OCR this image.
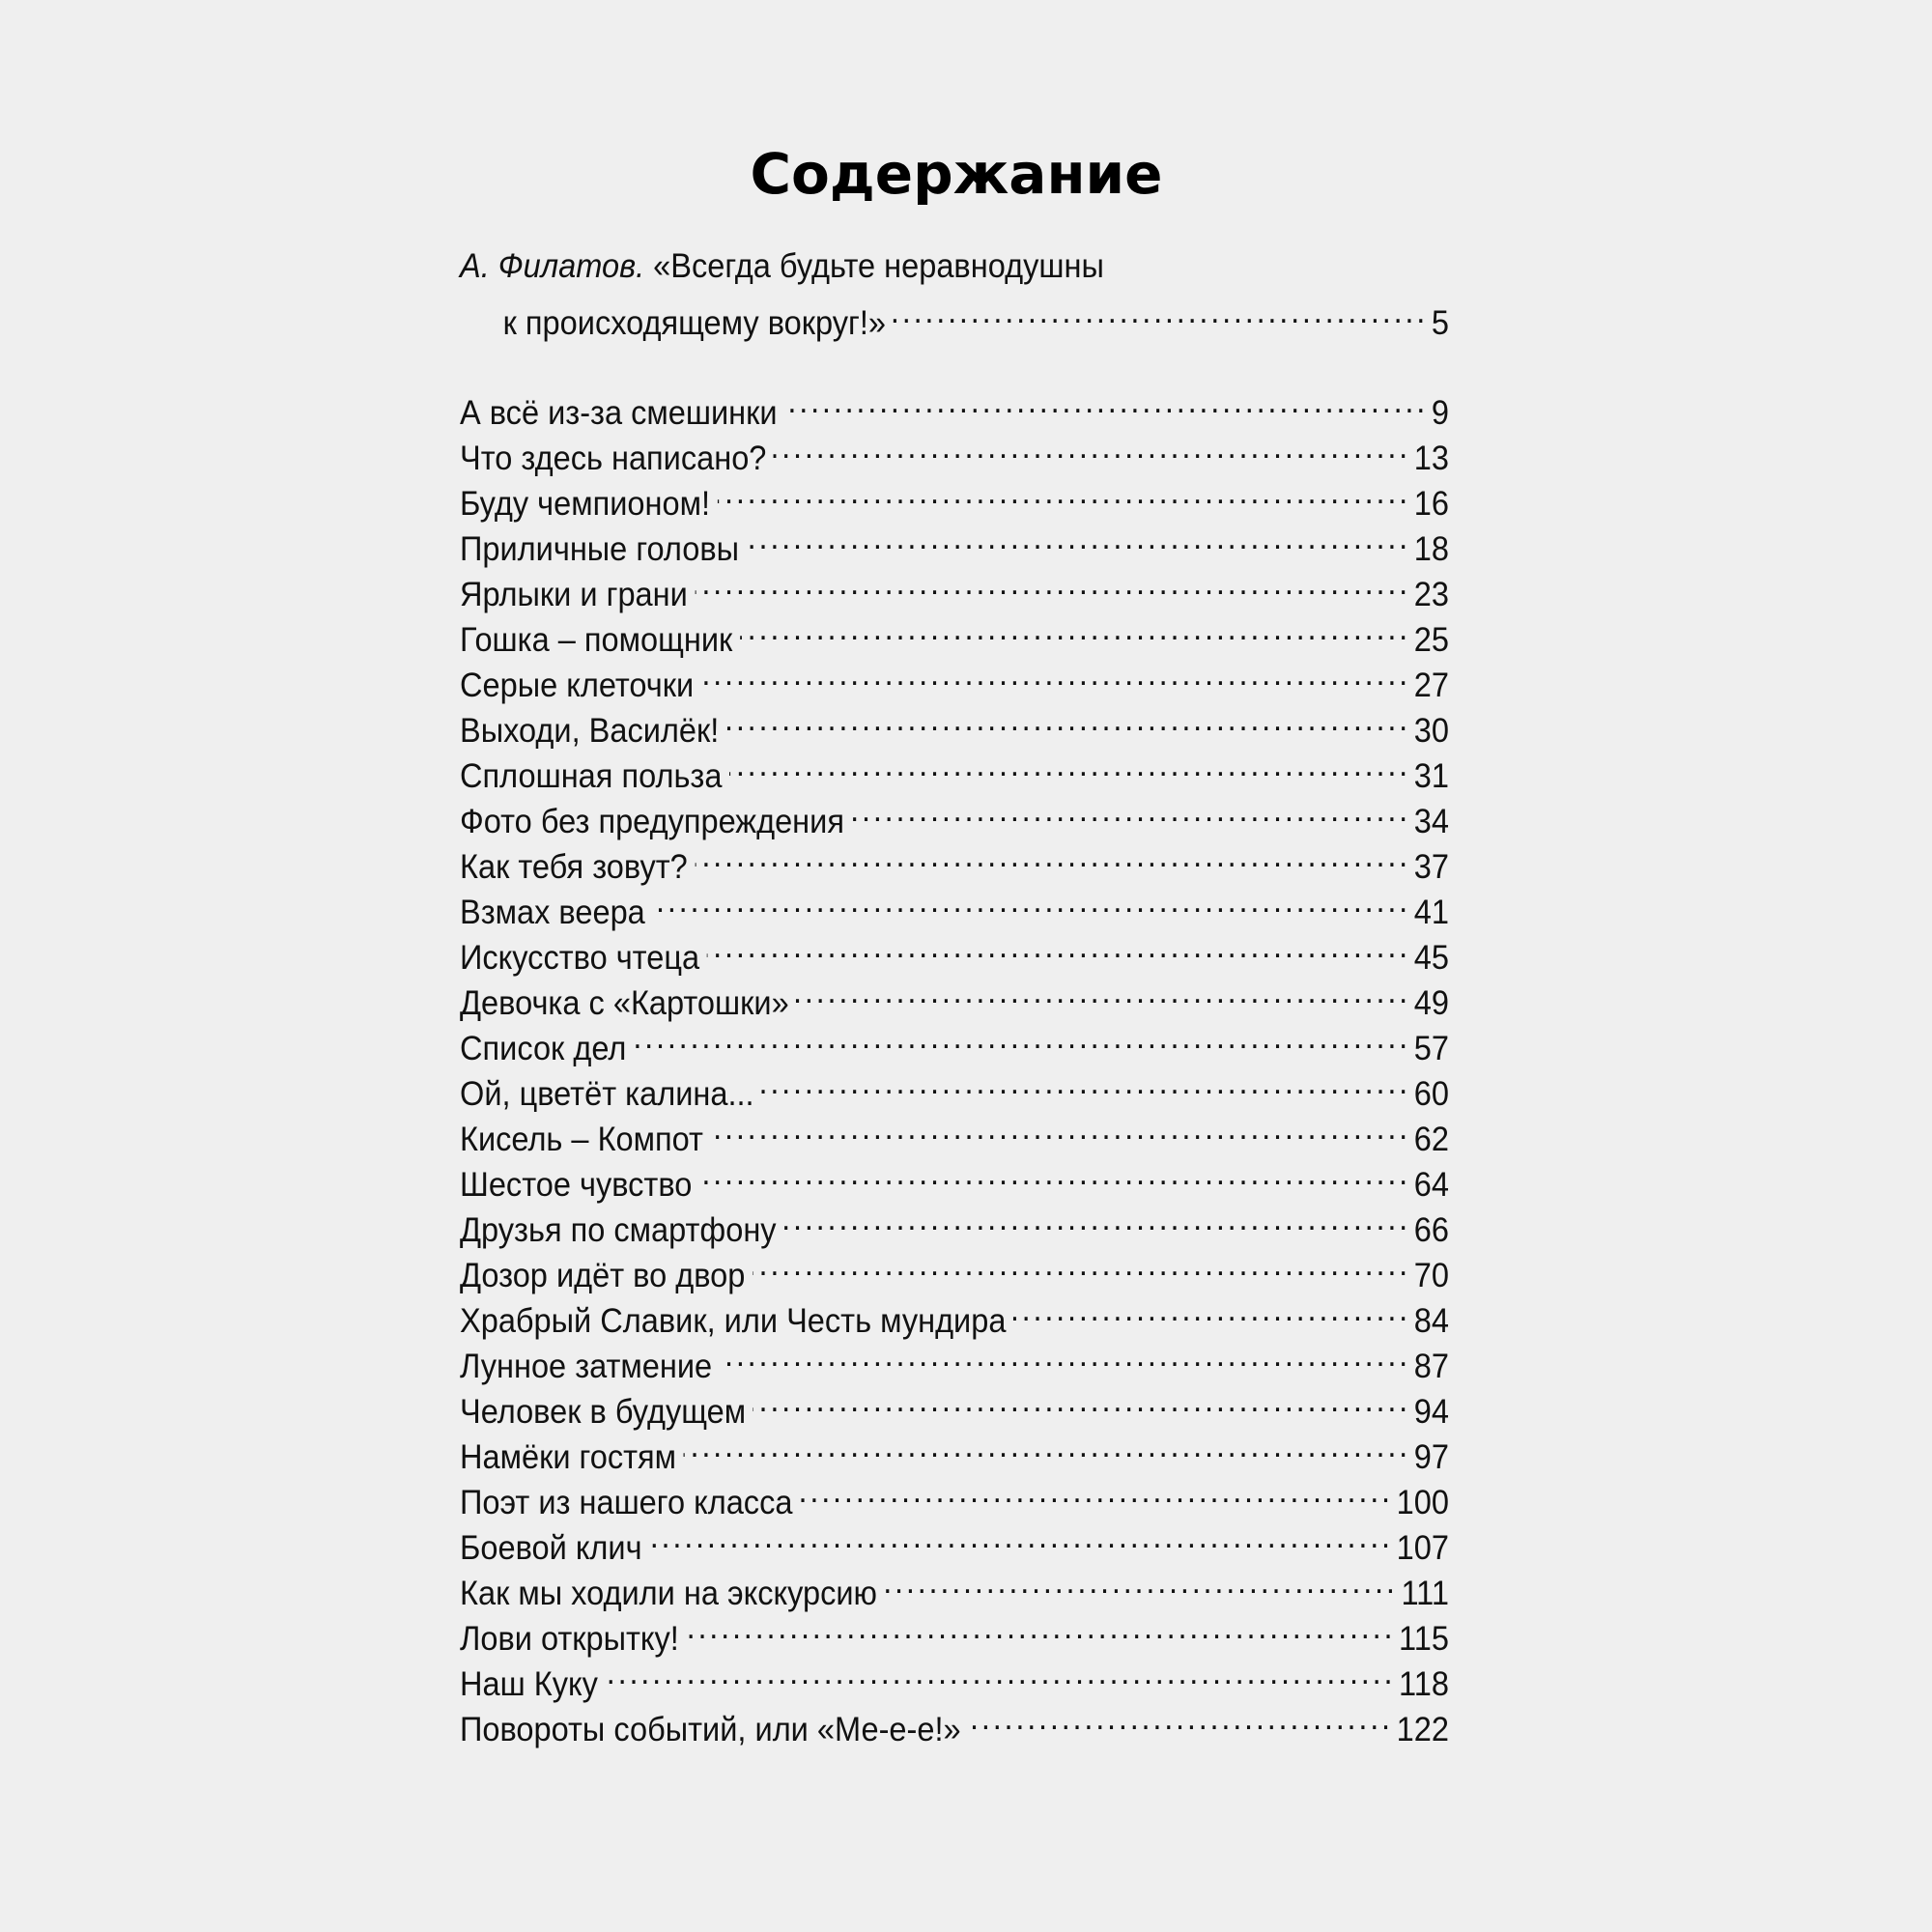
Содержание
А. Филатов. «Всегда будьте неравнодушны
к происходящему вокруг!» .....	5
А всё из-за смешинки .....	9
Что здесь написано? .....	13
Буду чемпионом! .....	16
Приличные головы .....	18
Ярлыки и грани .....	23
Гошка – помощник .....	25
Серые клеточки .....	27
Выходи, Василёк! .....	30
Сплошная польза .....	31
Фото без предупреждения .....	34
Как тебя зовут? .....	37
Взмах веера .....	41
Искусство чтеца .....	45
Девочка с «Картошки» .....	49
Список дел .....	57
Ой, цветёт калина... .....	60
Кисель – Компот .....	62
Шестое чувство .....	64
Друзья по смартфону .....	66
Дозор идёт во двор .....	70
Храбрый Славик, или Честь мундира .....	84
Лунное затмение .....	87
Человек в будущем .....	94
Намёки гостям .....	97
Поэт из нашего класса .....	100
Боевой клич .....	107
Как мы ходили на экскурсию .....	111
Лови открытку! .....	115
Наш Куку .....	118
Повороты событий, или «Ме-е-е!» .....	122
